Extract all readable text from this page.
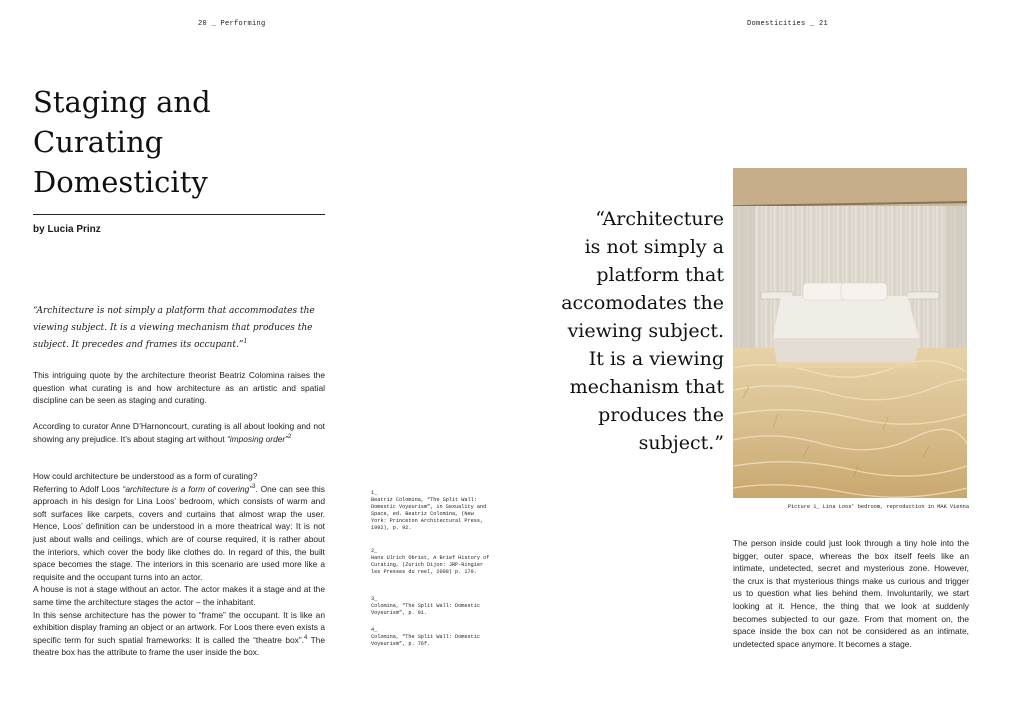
20 _ Performing	Domesticities _ 21
Staging and
Curating
Domesticity
by Lucia Prinz
“Architecture is not simply a platform that accommodates the viewing subject. It is a viewing mechanism that produces the subject. It precedes and frames its occupant.”$^1$
This intriguing quote by the architecture theorist Beatriz Colomina raises the question what curating is and how architecture as an artistic and spatial discipline can be seen as staging and curating.
According to curator Anne D’Harnoncourt, curating is all about looking and not showing any prejudice. It’s about staging art without “imposing order”$^2$

How could architecture be understood as a form of curating?

Referring to Adolf Loos “architecture is a form of covering”$^3$. One can see this approach in his design for Lina Loos’ bedroom, which consists of warm and soft surfaces like carpets, covers and curtains that almost wrap the user. Hence, Loos’ definition can be understood in a more theatrical way: It is not just about walls and ceilings, which are of course required, it is rather about the interiors, which cover the body like clothes do. In regard of this, the built space becomes the stage. The interiors in this scenario are used more like a requisite and the occupant turns into an actor.

A house is not a stage without an actor. The actor makes it a stage and at the same time the architecture stages the actor – the inhabitant.

In this sense architecture has the power to “frame” the occupant. It is like an exhibition display framing an object or an artwork. For Loos there even exists a specific term for such spatial frameworks: It is called the “theatre box”.$^4$ The theatre box has the attribute to frame the user inside the box.

1_
Beatriz Colomina, “The Split Wall: Domestic Voyeurism”, in Sexuality and Space, ed. Beatriz Colomina, (New York: Princeton Architectural Press, 1992), p. 92.
2_
Hans Ulrich Obrist, A Brief History of Curating, (Zurich Dijon: JRP-Ringier les Presses du reel, 2008) p. 179.
3_
Colomina, “The Split Wall: Domestic Voyeurism”, p. 91.
4_
Colomina, “The Split Wall: Domestic Voyeurism”, p. 76f.
“Architecture
is not simply a
platform that
accomodates the
viewing subject.
It is a viewing
mechanism that
produces the
subject.”
Picture 1_ Lina Loos’ bedroom, reproduction in MAK Vienna
The person inside could just look through a tiny hole into the bigger, outer space, whereas the box itself feels like an intimate, undetected, secret and mysterious zone. However, the crux is that mysterious things make us curious and trigger us to question what lies behind them. Involuntarily, we start looking at it. Hence, the thing that we look at suddenly becomes subjected to our gaze. From that moment on, the space inside the box can not be considered as an intimate, undetected space anymore. It becomes a stage.
